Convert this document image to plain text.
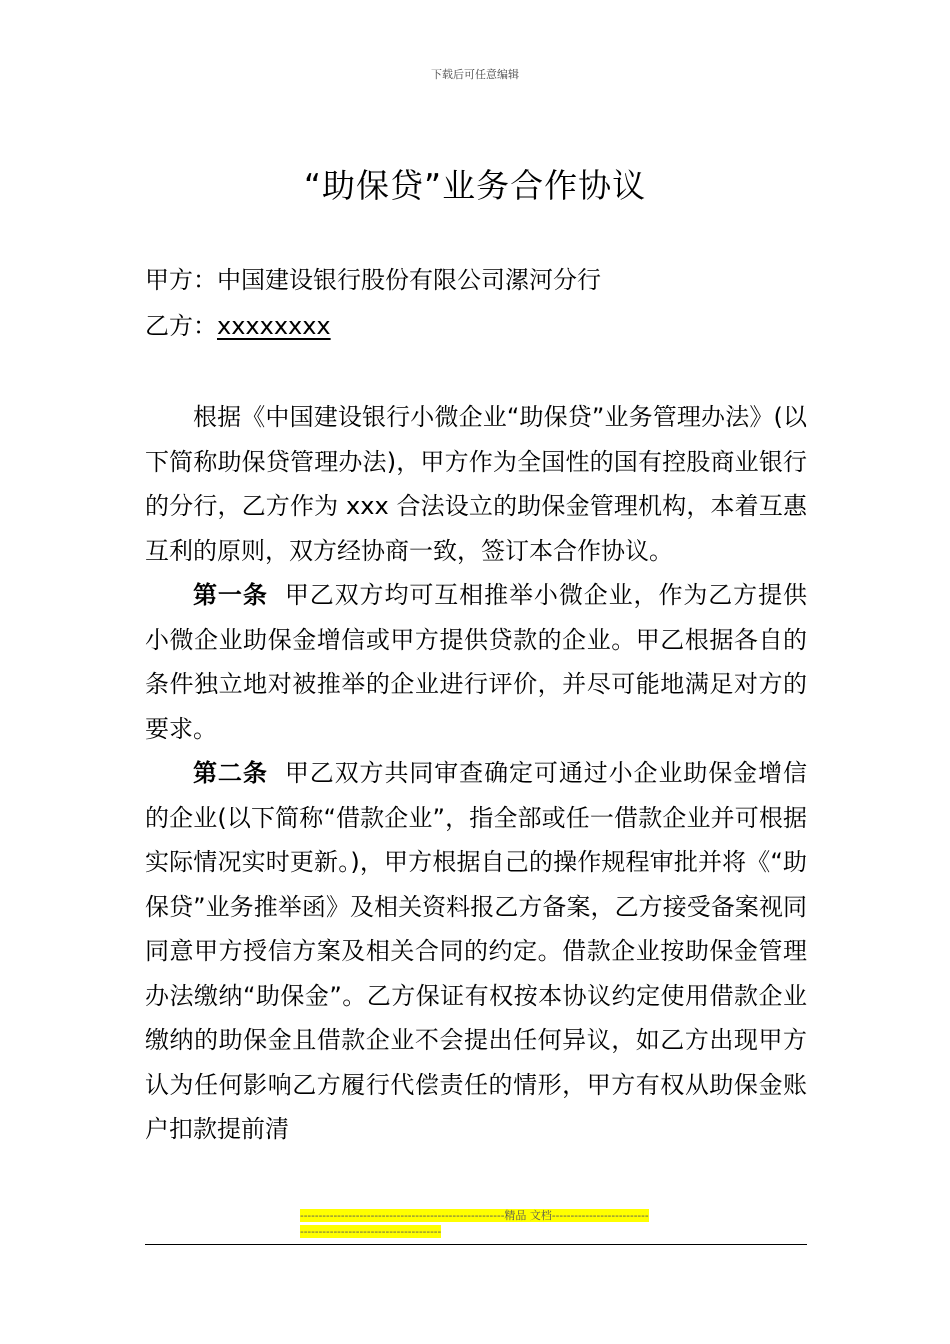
下载后可任意编辑
“助保贷”业务合作协议
甲方：中国建设银行股份有限公司漯河分行
乙方：xxxxxxxx

根据《中国建设银行小微企业“助保贷”业务管理办法》(以下简称助保贷管理办法)，甲方作为全国性的国有控股商业银行的分行，乙方作为 xxx 合法设立的助保金管理机构，本着互惠互利的原则，双方经协商一致，签订本合作协议。

第一条 甲乙双方均可互相推举小微企业，作为乙方提供小微企业助保金增信或甲方提供贷款的企业。甲乙根据各自的条件独立地对被推举的企业进行评价，并尽可能地满足对方的要求。

第二条 甲乙双方共同审查确定可通过小企业助保金增信的企业(以下简称“借款企业”，指全部或任一借款企业并可根据实际情况实时更新。)，甲方根据自己的操作规程审批并将《“助保贷”业务推举函》及相关资料报乙方备案，乙方接受备案视同同意甲方授信方案及相关合同的约定。借款企业按助保金管理办法缴纳“助保金”。乙方保证有权按本协议约定使用借款企业缴纳的助保金且借款企业不会提出任何异议，如乙方出现甲方认为任何影响乙方履行代偿责任的情形，甲方有权从助保金账户扣款提前清

-------------------------------------------------------精品 文档----------------------------------------------------------------
